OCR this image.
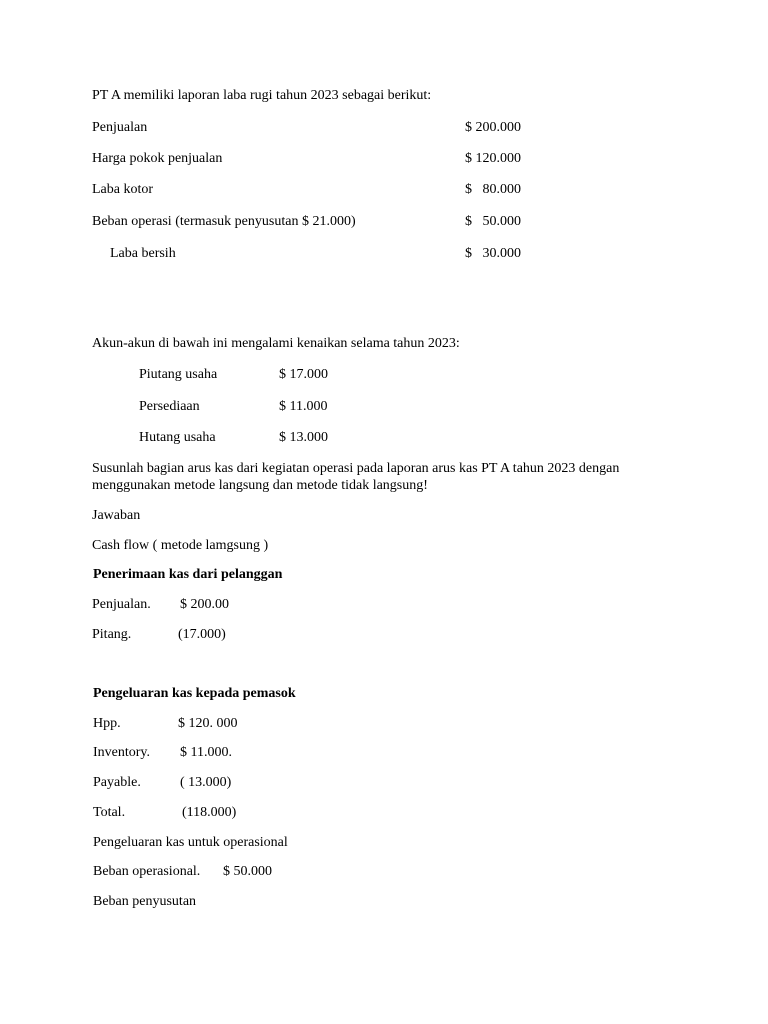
PT A memiliki laporan laba rugi tahun 2023 sebagai berikut:
Penjualan	$ 200.000
Harga pokok penjualan	$ 120.000
Laba kotor	$   80.000
Beban operasi (termasuk penyusutan $ 21.000)	$   50.000
Laba bersih	$   30.000
Akun-akun di bawah ini mengalami kenaikan selama tahun 2023:
Piutang usaha	$ 17.000
Persediaan	$ 11.000
Hutang usaha	$ 13.000
Susunlah bagian arus kas dari kegiatan operasi pada laporan arus kas PT A tahun 2023 dengan
menggunakan metode langsung dan metode tidak langsung!
Jawaban
Cash flow ( metode lamgsung )
Penerimaan kas dari pelanggan
Penjualan. $ 200.00
Pitang.	(17.000)
Pengeluaran kas kepada pemasok
Hpp.	$ 120. 000
Inventory. $ 11.000.
Payable.	( 13.000)
Total.	(118.000)
Pengeluaran kas untuk operasional
Beban operasional. $ 50.000
Beban penyusutan
